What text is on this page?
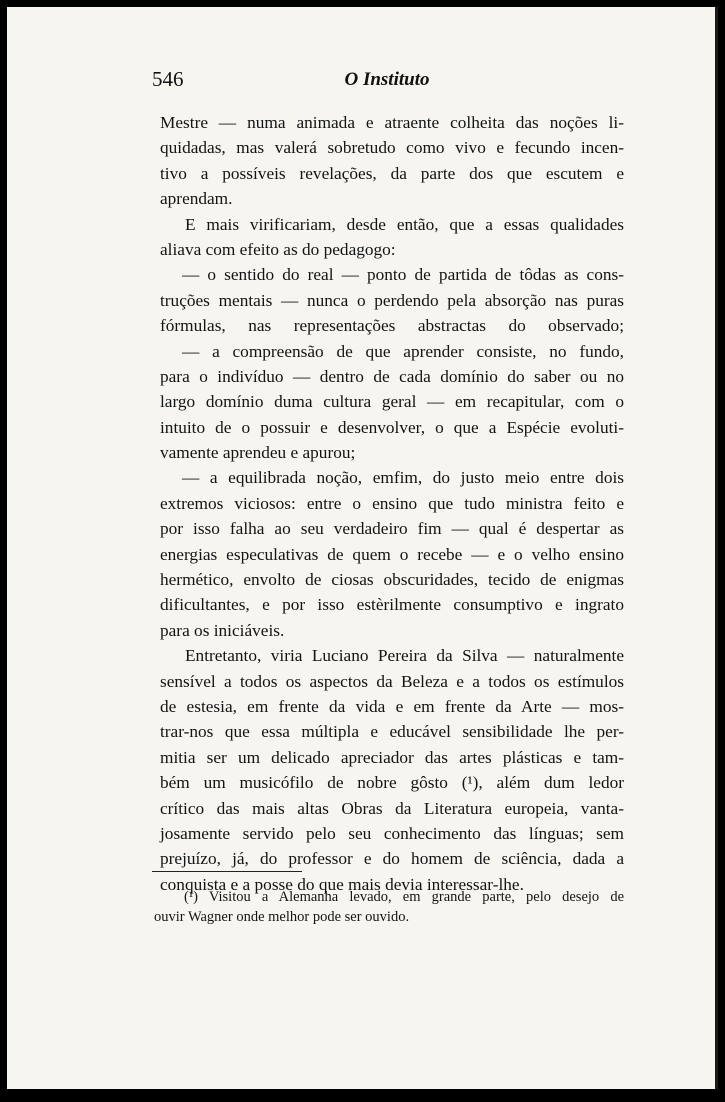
546	O Instituto
Mestre — numa animada e atraente colheita das noções li-
quidadas, mas valerá sobretudo como vivo e fecundo incen-
tivo a possíveis revelações, da parte dos que escutem e
aprendam.
E mais virificariam, desde então, que a essas qualidades
aliava com efeito as do pedagogo:
— o sentido do real — ponto de partida de tôdas as cons-
truções mentais — nunca o perdendo pela absorção nas puras
fórmulas, nas representações abstractas do observado;
— a compreensão de que aprender consiste, no fundo,
para o indivíduo — dentro de cada domínio do saber ou no
largo domínio duma cultura geral — em recapitular, com o
intuito de o possuir e desenvolver, o que a Espécie evoluti-
vamente aprendeu e apurou;
— a equilibrada noção, emfim, do justo meio entre dois
extremos viciosos: entre o ensino que tudo ministra feito e
por isso falha ao seu verdadeiro fim — qual é despertar as
energias especulativas de quem o recebe — e o velho ensino
hermético, envolto de ciosas obscuridades, tecido de enigmas
dificultantes, e por isso estèrilmente consumptivo e ingrato
para os iniciáveis.
Entretanto, viria Luciano Pereira da Silva — naturalmente
sensível a todos os aspectos da Beleza e a todos os estímulos
de estesia, em frente da vida e em frente da Arte — mos-
trar-nos que essa múltipla e educável sensibilidade lhe per-
mitia ser um delicado apreciador das artes plásticas e tam-
bém um musicófilo de nobre gôsto (¹), além dum ledor
crítico das mais altas Obras da Literatura europeia, vanta-
josamente servido pelo seu conhecimento das línguas; sem
prejuízo, já, do professor e do homem de sciência, dada a
conquista e a posse do que mais devia interessar-lhe.
(¹) Visitou a Alemanha levado, em grande parte, pelo desejo de
ouvir Wagner onde melhor pode ser ouvido.
